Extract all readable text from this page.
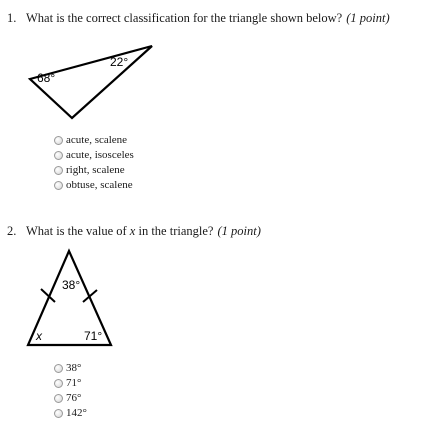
1. What is the correct classification for the triangle shown below? (1 point)
68°
22°
acute, scalene
acute, isosceles
right, scalene
obtuse, scalene
2. What is the value of x in the triangle? (1 point)
38°
x	71°
38°
71°
76°
142°
